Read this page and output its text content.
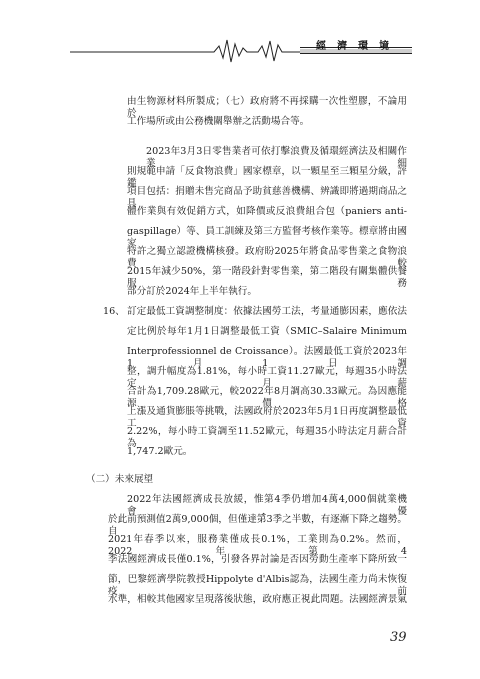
經濟環境
由生物源材料所製成；（七）政府將不再採購一次性塑膠，不論用於
工作場所或由公務機關舉辦之活動場合等。
2023年3月3日零售業者可依打擊浪費及循環經濟法及相關作業細
則規範申請「反食物浪費」國家標章，以一顆星至三顆星分級，評鑑
項目包括：捐贈未售完商品予助貧慈善機構、辨識即將過期商品之具
體作業與有效促銷方式，如降價或反浪費組合包（paniers anti-
gaspillage）等、員工訓練及第三方監督考核作業等。標章將由國家
特許之獨立認證機構核發。政府盼2025年將食品零售業之食物浪費較
2015年減少50%，第一階段針對零售業，第二階段有關集體供餐服務
部分訂於2024年上半年執行。
16、 訂定最低工資調整制度：依據法國勞工法，考量通膨因素，應依法
定比例於每年1月1日調整最低工資（SMIC–Salaire Minimum
Interprofessionnel de Croissance）。法國最低工資於2023年1月1日調
整，調升幅度為1.81%，每小時工資11.27歐元，每週35小時法定月薪
合計為1,709.28歐元，較2022年8月調高30.33歐元。為因應能源價格
上漲及通貨膨脹等挑戰，法國政府於2023年5月1日再度調整最低工資
2.22%，每小時工資調至11.52歐元，每週35小時法定月薪合計為
1,747.2歐元。
（二）未來展望
2022年法國經濟成長放緩，惟第4季仍增加4萬4,000個就業機會，優
於此前預測值2萬9,000個，但僅達第3季之半數，有逐漸下降之趨勢。自
2021年春季以來，服務業僅成長0.1%，工業則為0.2%。然而，2022年第4
季法國經濟成長僅0.1%，引發各界討論是否因勞動生產率下降所致一
節，巴黎經濟學院教授Hippolyte d'Albis認為，法國生產力尚未恢復疫前
水準，相較其他國家呈現落後狀態，政府應正視此問題。法國經濟景氣
39
